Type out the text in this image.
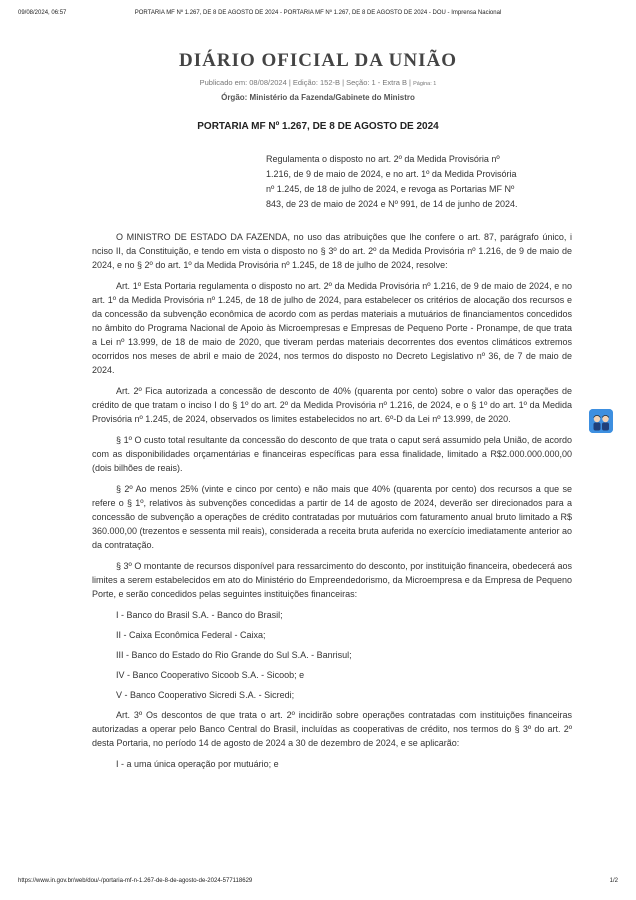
09/08/2024, 06:57	PORTARIA MF Nº 1.267, DE 8 DE AGOSTO DE 2024 - PORTARIA MF Nº 1.267, DE 8 DE AGOSTO DE 2024 - DOU - Imprensa Nacional
DIÁRIO OFICIAL DA UNIÃO
Publicado em: 08/08/2024 | Edição: 152-B | Seção: 1 - Extra B | Página: 1
Órgão: Ministério da Fazenda/Gabinete do Ministro
PORTARIA MF Nº 1.267, DE 8 DE AGOSTO DE 2024

Regulamenta o disposto no art. 2º da Medida Provisória nº 1.216, de 9 de maio de 2024, e no art. 1º da Medida Provisória nº 1.245, de 18 de julho de 2024, e revoga as Portarias MF Nº 843, de 23 de maio de 2024 e Nº 991, de 14 de junho de 2024.

O MINISTRO DE ESTADO DA FAZENDA, no uso das atribuições que lhe confere o art. 87, parágrafo único, i nciso II, da Constituição, e tendo em vista o disposto no § 3º do art. 2º da Medida Provisória nº 1.216, de 9 de maio de 2024, e no § 2º do art. 1º da Medida Provisória nº 1.245, de 18 de julho de 2024, resolve:

Art. 1º Esta Portaria regulamenta o disposto no art. 2º da Medida Provisória nº 1.216, de 9 de maio de 2024, e no art. 1º da Medida Provisória nº 1.245, de 18 de julho de 2024, para estabelecer os critérios de alocação dos recursos e da concessão da subvenção econômica de acordo com as perdas materiais a mutuários de financiamentos concedidos no âmbito do Programa Nacional de Apoio às Microempresas e Empresas de Pequeno Porte - Pronampe, de que trata a Lei nº 13.999, de 18 de maio de 2020, que tiveram perdas materiais decorrentes dos eventos climáticos extremos ocorridos nos meses de abril e maio de 2024, nos termos do disposto no Decreto Legislativo nº 36, de 7 de maio de 2024.

Art. 2º Fica autorizada a concessão de desconto de 40% (quarenta por cento) sobre o valor das operações de crédito de que tratam o inciso I do § 1º do art. 2º da Medida Provisória nº 1.216, de 2024, e o § 1º do art. 1º da Medida Provisória nº 1.245, de 2024, observados os limites estabelecidos no art. 6º-D da Lei nº 13.999, de 2020.

§ 1º O custo total resultante da concessão do desconto de que trata o caput será assumido pela União, de acordo com as disponibilidades orçamentárias e financeiras específicas para essa finalidade, limitado a R$2.000.000.000,00 (dois bilhões de reais).

§ 2º Ao menos 25% (vinte e cinco por cento) e não mais que 40% (quarenta por cento) dos recursos a que se refere o § 1º, relativos às subvenções concedidas a partir de 14 de agosto de 2024, deverão ser direcionados para a concessão de subvenção a operações de crédito contratadas por mutuários com faturamento anual bruto limitado a R$ 360.000,00 (trezentos e sessenta mil reais), considerada a receita bruta auferida no exercício imediatamente anterior ao da contratação.

§ 3º O montante de recursos disponível para ressarcimento do desconto, por instituição financeira, obedecerá aos limites a serem estabelecidos em ato do Ministério do Empreendedorismo, da Microempresa e da Empresa de Pequeno Porte, e serão concedidos pelas seguintes instituições financeiras:

I - Banco do Brasil S.A. - Banco do Brasil;

II - Caixa Econômica Federal - Caixa;

III - Banco do Estado do Rio Grande do Sul S.A. - Banrisul;

IV - Banco Cooperativo Sicoob S.A. - Sicoob; e

V - Banco Cooperativo Sicredi S.A. - Sicredi;

Art. 3º Os descontos de que trata o art. 2º incidirão sobre operações contratadas com instituições financeiras autorizadas a operar pelo Banco Central do Brasil, incluídas as cooperativas de crédito, nos termos do § 3º do art. 2º desta Portaria, no período 14 de agosto de 2024 a 30 de dezembro de 2024, e se aplicarão:

I - a uma única operação por mutuário; e

https://www.in.gov.br/web/dou/-/portaria-mf-n-1.267-de-8-de-agosto-de-2024-577118629	1/2
